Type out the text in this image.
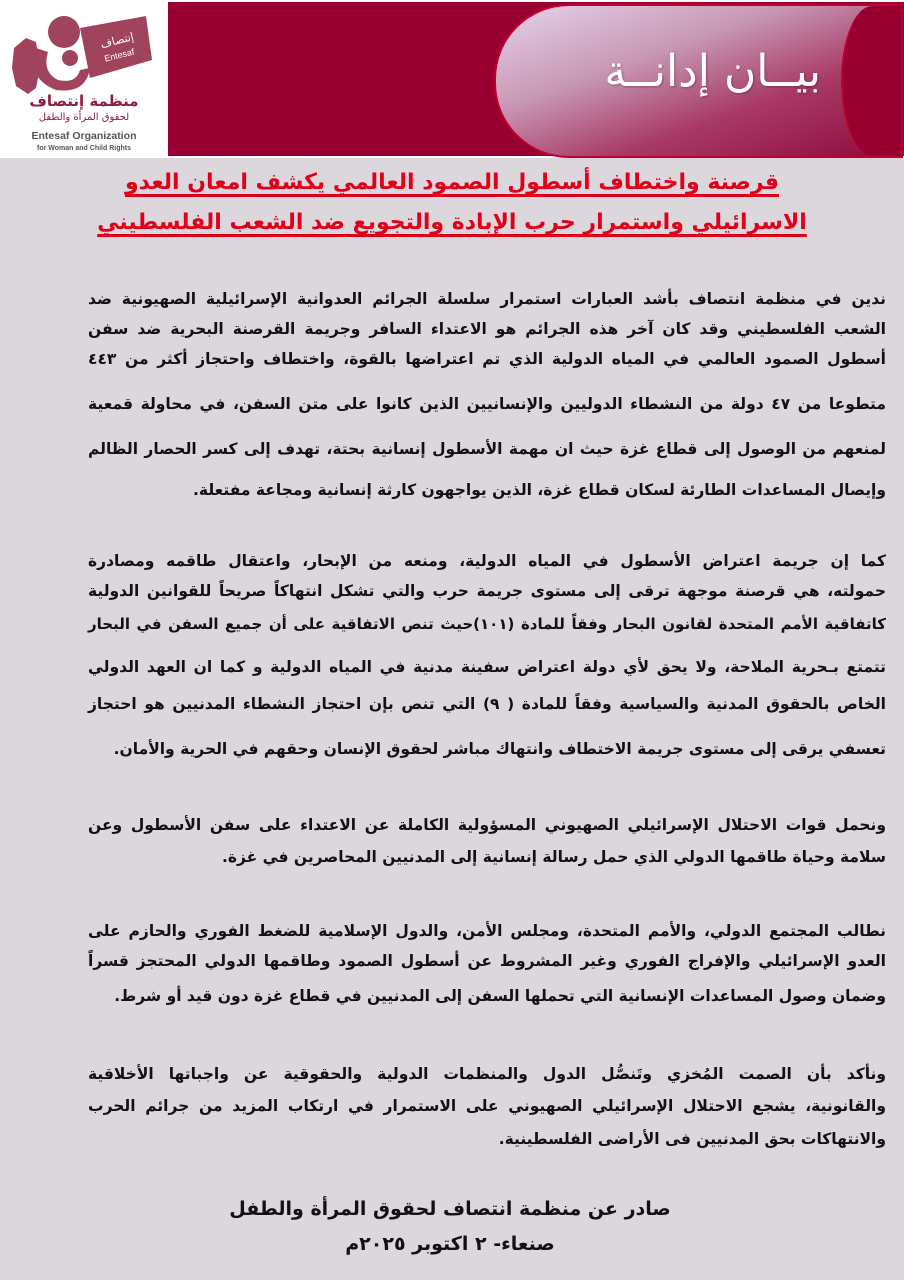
إنتصاف
Entesaf
منظمة إنتصاف
لحقوق المرأة والطفل
Entesaf Organization
for Woman and Child Rights
بيــان إدانــة
قرصنة واختطاف أسطول الصمود العالمي يكشف امعان العدو
الاسرائيلي واستمرار حرب الإبادة والتجويع ضد الشعب الفلسطيني
ندين في منظمة انتصاف بأشد العبارات استمرار سلسلة الجرائم العدوانية الإسرائيلية الصهيونية ضد
الشعب الفلسطيني وقد كان آخر هذه الجرائم هو الاعتداء السافر وجريمة القرصنة البحرية ضد سفن
أسطول الصمود العالمي في المياه الدولية الذي تم اعتراضها بالقوة، واختطاف واحتجاز أكثر من ٤٤٣
متطوعا من ٤٧ دولة من النشطاء الدوليين والإنسانيين الذين كانوا على متن السفن، في محاولة قمعية
لمنعهم من الوصول إلى قطاع غزة حيث ان مهمة الأسطول إنسانية بحتة، تهدف إلى كسر الحصار الظالم
وإيصال المساعدات الطارئة لسكان قطاع غزة، الذين يواجهون كارثة إنسانية ومجاعة مفتعلة.
كما إن جريمة اعتراض الأسطول في المياه الدولية، ومنعه من الإبحار، واعتقال طاقمه ومصادرة
حمولته، هي قرصنة موجهة ترقى إلى مستوى جريمة حرب والتي تشكل انتهاكاً صريحاً للقوانين الدولية
كاتفاقية الأمم المتحدة لقانون البحار وفقاً للمادة (١٠١)حيث تنص الاتفاقية على أن جميع السفن في البحار
تتمتع بـحرية الملاحة، ولا يحق لأي دولة اعتراض سفينة مدنية في المياه الدولية و كما ان العهد الدولي
الخاص بالحقوق المدنية والسياسية وفقاً للمادة ( ٩) التي تنص بإن احتجاز النشطاء المدنيين هو احتجاز
تعسفي يرقى إلى مستوى جريمة الاختطاف وانتهاك مباشر لحقوق الإنسان وحقهم في الحرية والأمان.
ونحمل قوات الاحتلال الإسرائيلي الصهيوني المسؤولية الكاملة عن الاعتداء على سفن الأسطول وعن
سلامة وحياة طاقمها الدولي الذي حمل رسالة إنسانية إلى المدنيين المحاصرين في غزة.
نطالب المجتمع الدولي، والأمم المتحدة، ومجلس الأمن، والدول الإسلامية للضغط الفوري والحازم على
العدو الإسرائيلي والإفراج الفوري وغير المشروط عن أسطول الصمود وطاقمها الدولي المحتجز قسراً
وضمان وصول المساعدات الإنسانية التي تحملها السفن إلى المدنيين في قطاع غزة دون قيد أو شرط.
ونأكد بأن الصمت المُخزي وتَنصُّل الدول والمنظمات الدولية والحقوقية عن واجباتها الأخلاقية
والقانونية، يشجع الاحتلال الإسرائيلي الصهيوني على الاستمرار في ارتكاب المزيد من جرائم الحرب
والانتهاكات بحق المدنيين فى الأراضى الفلسطينية.
صادر عن منظمة انتصاف لحقوق المرأة والطفل
صنعاء- ٢ اكتوبر ٢٠٢٥م
